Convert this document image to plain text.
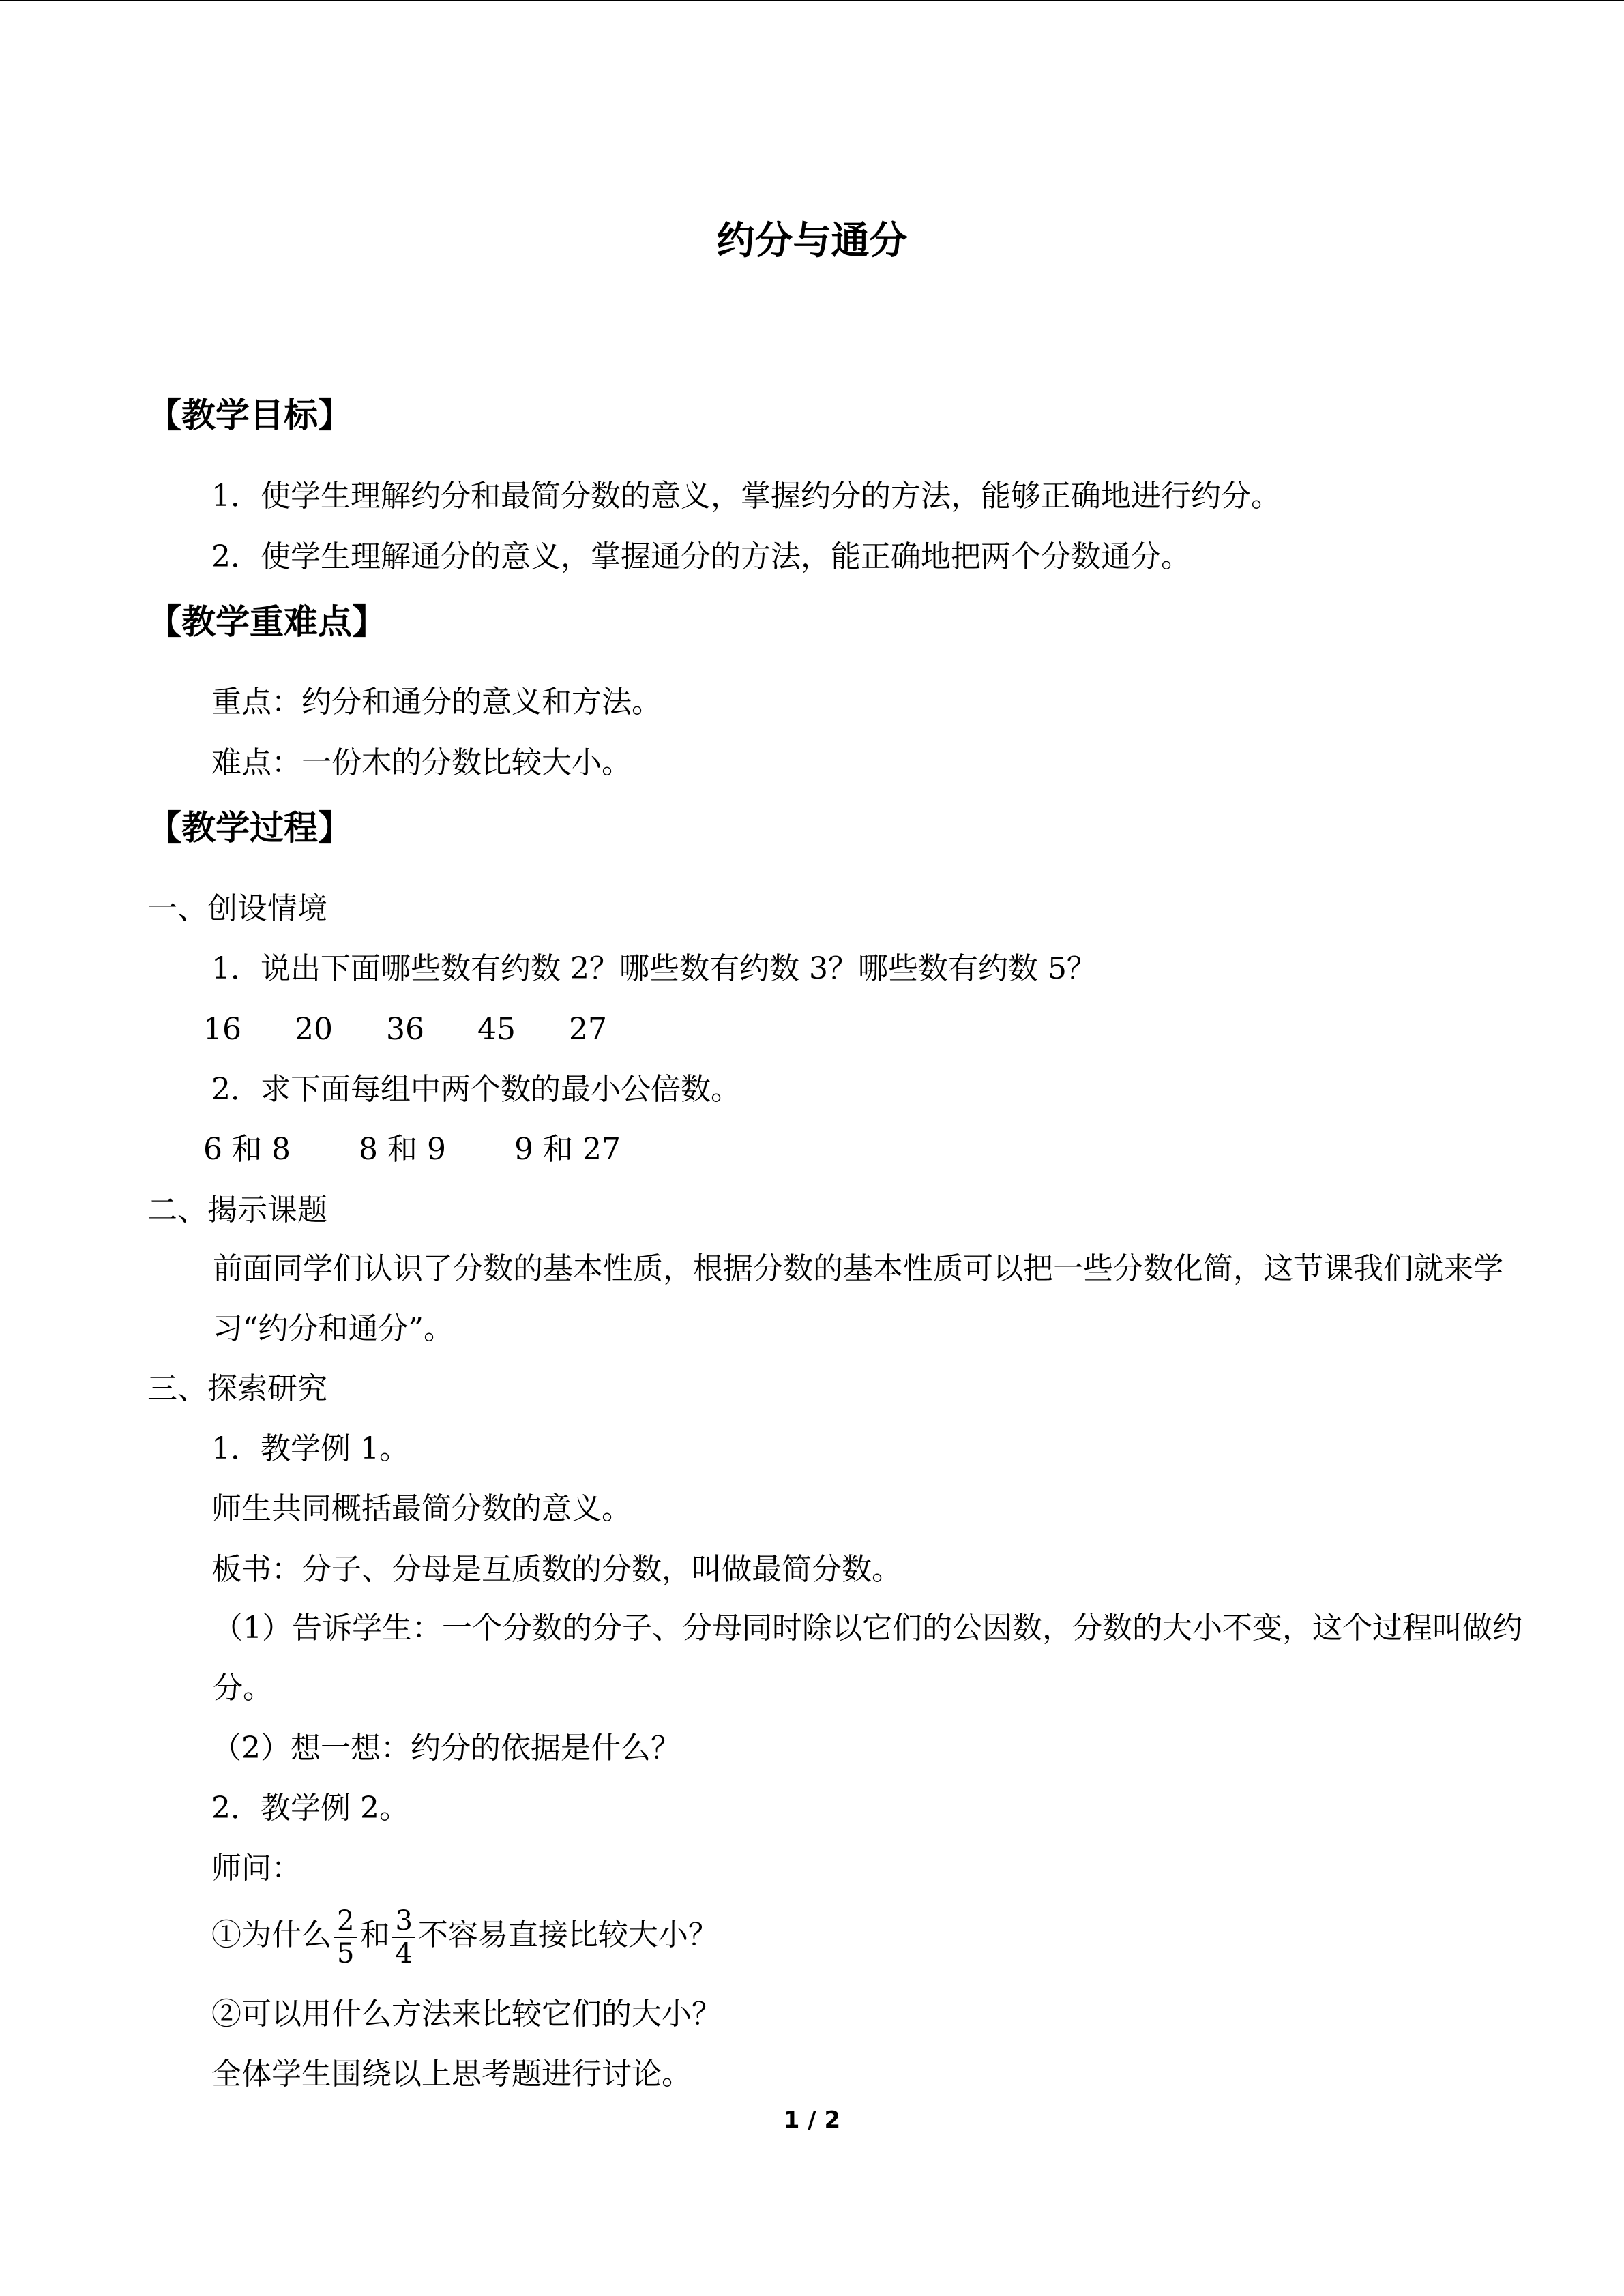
约分与通分
【教学目标】
1．使学生理解约分和最简分数的意义，掌握约分的方法，能够正确地进行约分。
2．使学生理解通分的意义，掌握通分的方法，能正确地把两个分数通分。
【教学重难点】
重点：约分和通分的意义和方法。
难点：一份木的分数比较大小。
【教学过程】
一、创设情境
1．说出下面哪些数有约数 2？哪些数有约数 3？哪些数有约数 5？
16 20 36 45 27
2．求下面每组中两个数的最小公倍数。
6 和 8 8 和 9 9 和 27
二、揭示课题
前面同学们认识了分数的基本性质，根据分数的基本性质可以把一些分数化简，这节课我们就来学习“约分和通分”。
三、探索研究
1．教学例 1。
师生共同概括最简分数的意义。
板书：分子、分母是互质数的分数，叫做最简分数。
（1）告诉学生：一个分数的分子、分母同时除以它们的公因数，分数的大小不变，这个过程叫做约分。
（2）想一想：约分的依据是什么？
2．教学例 2。
师问：
①为什么 $\frac{2}{5}$ 和 $\frac{3}{4}$ 不容易直接比较大小？
②可以用什么方法来比较它们的大小？
全体学生围绕以上思考题进行讨论。
1 / 2
